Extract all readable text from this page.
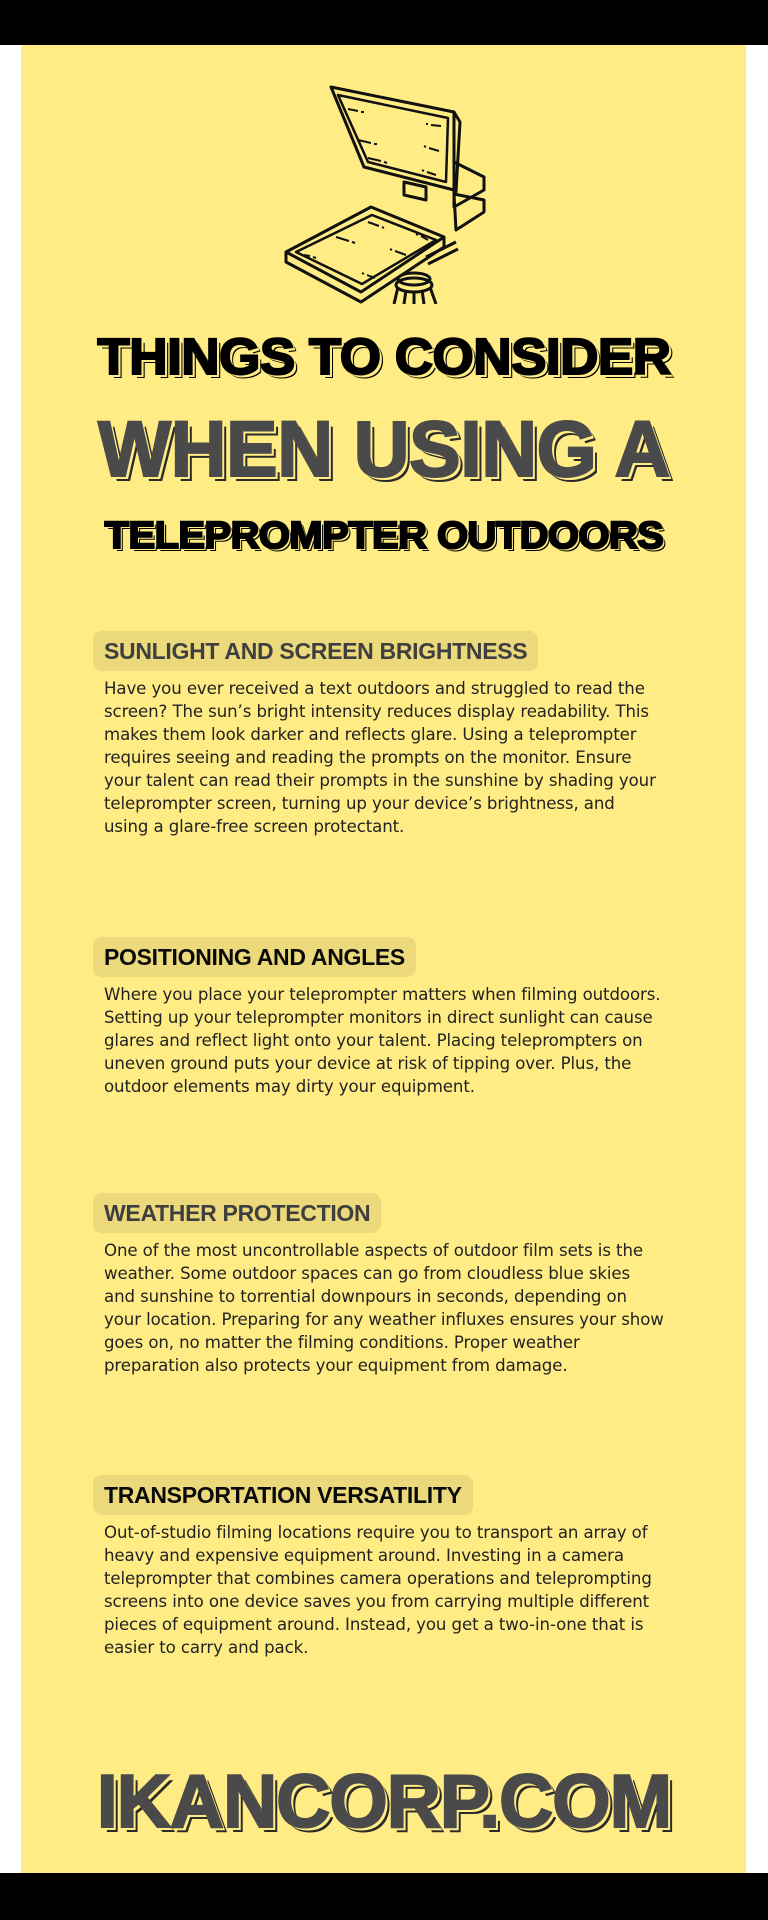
THINGS TO CONSIDER
WHEN USING A
TELEPROMPTER OUTDOORS
SUNLIGHT AND SCREEN BRIGHTNESS
Have you ever received a text outdoors and struggled to read the screen? The sun’s bright intensity reduces display readability. This makes them look darker and reflects glare. Using a teleprompter requires seeing and reading the prompts on the monitor. Ensure your talent can read their prompts in the sunshine by shading your teleprompter screen, turning up your device’s brightness, and using a glare-free screen protectant.
POSITIONING AND ANGLES
Where you place your teleprompter matters when filming outdoors. Setting up your teleprompter monitors in direct sunlight can cause glares and reflect light onto your talent. Placing teleprompters on uneven ground puts your device at risk of tipping over. Plus, the outdoor elements may dirty your equipment.
WEATHER PROTECTION
One of the most uncontrollable aspects of outdoor film sets is the weather. Some outdoor spaces can go from cloudless blue skies and sunshine to torrential downpours in seconds, depending on your location. Preparing for any weather influxes ensures your show goes on, no matter the filming conditions. Proper weather preparation also protects your equipment from damage.
TRANSPORTATION VERSATILITY
Out-of-studio filming locations require you to transport an array of heavy and expensive equipment around. Investing in a camera teleprompter that combines camera operations and teleprompting screens into one device saves you from carrying multiple different pieces of equipment around. Instead, you get a two-in-one that is easier to carry and pack.
IKANCORP.COM
